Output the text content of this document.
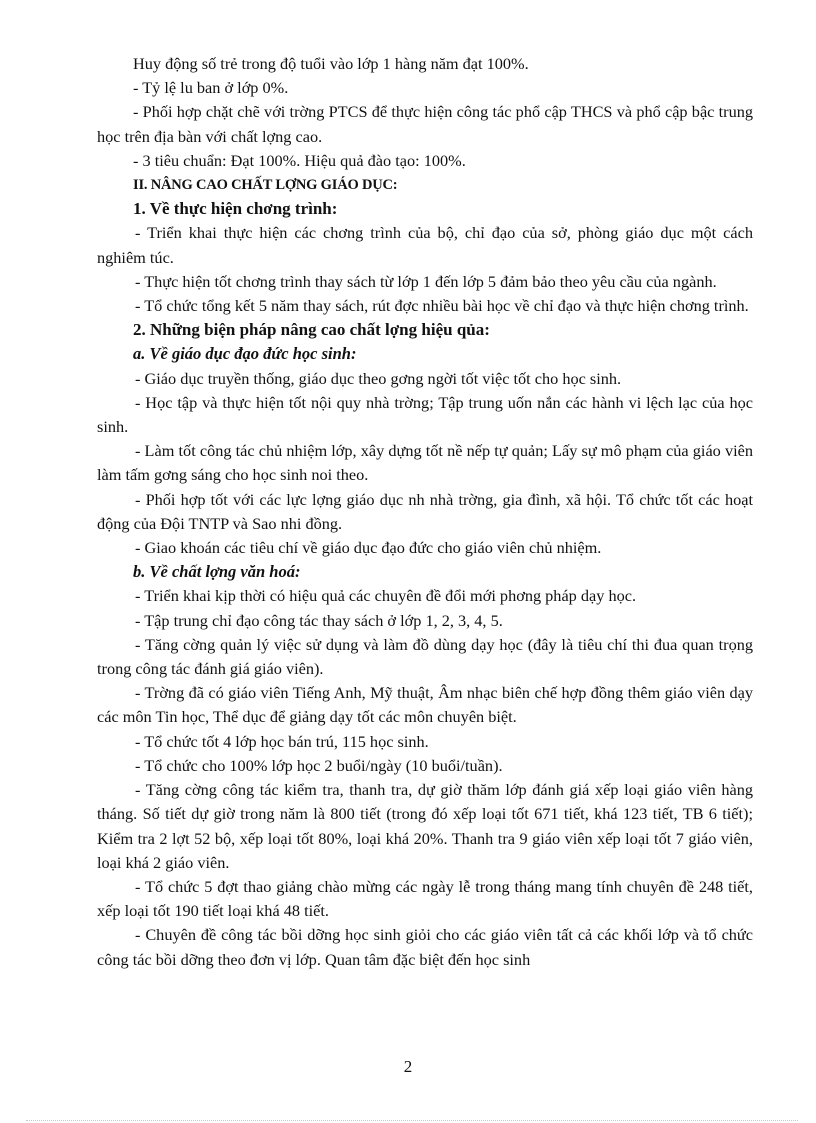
Huy động số trẻ trong độ tuổi vào lớp 1 hàng năm đạt 100%.

- Tỷ lệ lu ban ở lớp 0%.

- Phối hợp chặt chẽ với trờng PTCS để thực hiện công tác phổ cập THCS và phổ cập bậc trung học trên địa bàn với chất lợng cao.

- 3 tiêu chuẩn: Đạt 100%. Hiệu quả đào tạo: 100%.

II. NÂNG CAO CHẤT LỢNG GIÁO DỤC:

1. Về thực hiện chơng trình:

- Triển khai thực hiện các chơng trình của bộ, chỉ đạo của sở, phòng giáo dục một cách nghiêm túc.

- Thực hiện tốt chơng trình thay sách từ lớp 1 đến lớp 5 đảm bảo theo yêu cầu của ngành.

- Tổ chức tổng kết 5 năm thay sách, rút đợc nhiều bài học về chỉ đạo và thực hiện chơng trình.

2. Những biện pháp nâng cao chất lợng hiệu qủa:

a. Về giáo dục đạo đức học sinh:

- Giáo dục truyền thống, giáo dục theo gơng ngời tốt việc tốt cho học sinh.

- Học tập và thực hiện tốt nội quy nhà trờng; Tập trung uốn nắn các hành vi lệch lạc của học sinh.

- Làm tốt công tác chủ nhiệm lớp, xây dựng tốt nề nếp tự quản; Lấy sự mô phạm của giáo viên làm tấm gơng sáng cho học sinh noi theo.

- Phối hợp tốt với các lực lợng giáo dục nh nhà trờng, gia đình, xã hội. Tổ chức tốt các hoạt động của Đội TNTP và Sao nhi đồng.

- Giao khoán các tiêu chí về giáo dục đạo đức cho giáo viên chủ nhiệm.

b. Về chất lợng văn hoá:

- Triển khai kịp thời có hiệu quả các chuyên đề đổi mới phơng pháp dạy học.

- Tập trung chỉ đạo công tác thay sách ở lớp 1, 2, 3, 4, 5.

- Tăng cờng quản lý việc sử dụng và làm đồ dùng dạy học (đây là tiêu chí thi đua quan trọng trong công tác đánh giá giáo viên).

- Trờng đã có giáo viên Tiếng Anh, Mỹ thuật, Âm nhạc biên chế hợp đồng thêm giáo viên dạy các môn Tin học, Thể dục để giảng dạy tốt các môn chuyên biệt.

- Tổ chức tốt 4 lớp học bán trú, 115 học sinh.

- Tổ chức cho 100% lớp học 2 buổi/ngày (10 buổi/tuần).

- Tăng cờng công tác kiểm tra, thanh tra, dự giờ thăm lớp đánh giá xếp loại giáo viên hàng tháng. Số tiết dự giờ trong năm là 800 tiết (trong đó xếp loại tốt 671 tiết, khá 123 tiết, TB 6 tiết); Kiểm tra 2 lợt 52 bộ, xếp loại tốt 80%, loại khá 20%. Thanh tra 9 giáo viên xếp loại tốt 7 giáo viên, loại khá 2 giáo viên.

- Tổ chức 5 đợt thao giảng chào mừng các ngày lễ trong tháng mang tính chuyên đề 248 tiết, xếp loại tốt 190 tiết loại khá 48 tiết.

- Chuyên đề công tác bồi dỡng học sinh giỏi cho các giáo viên tất cả các khối lớp và tổ chức công tác bồi dỡng theo đơn vị lớp. Quan tâm đặc biệt đến học sinh

2
